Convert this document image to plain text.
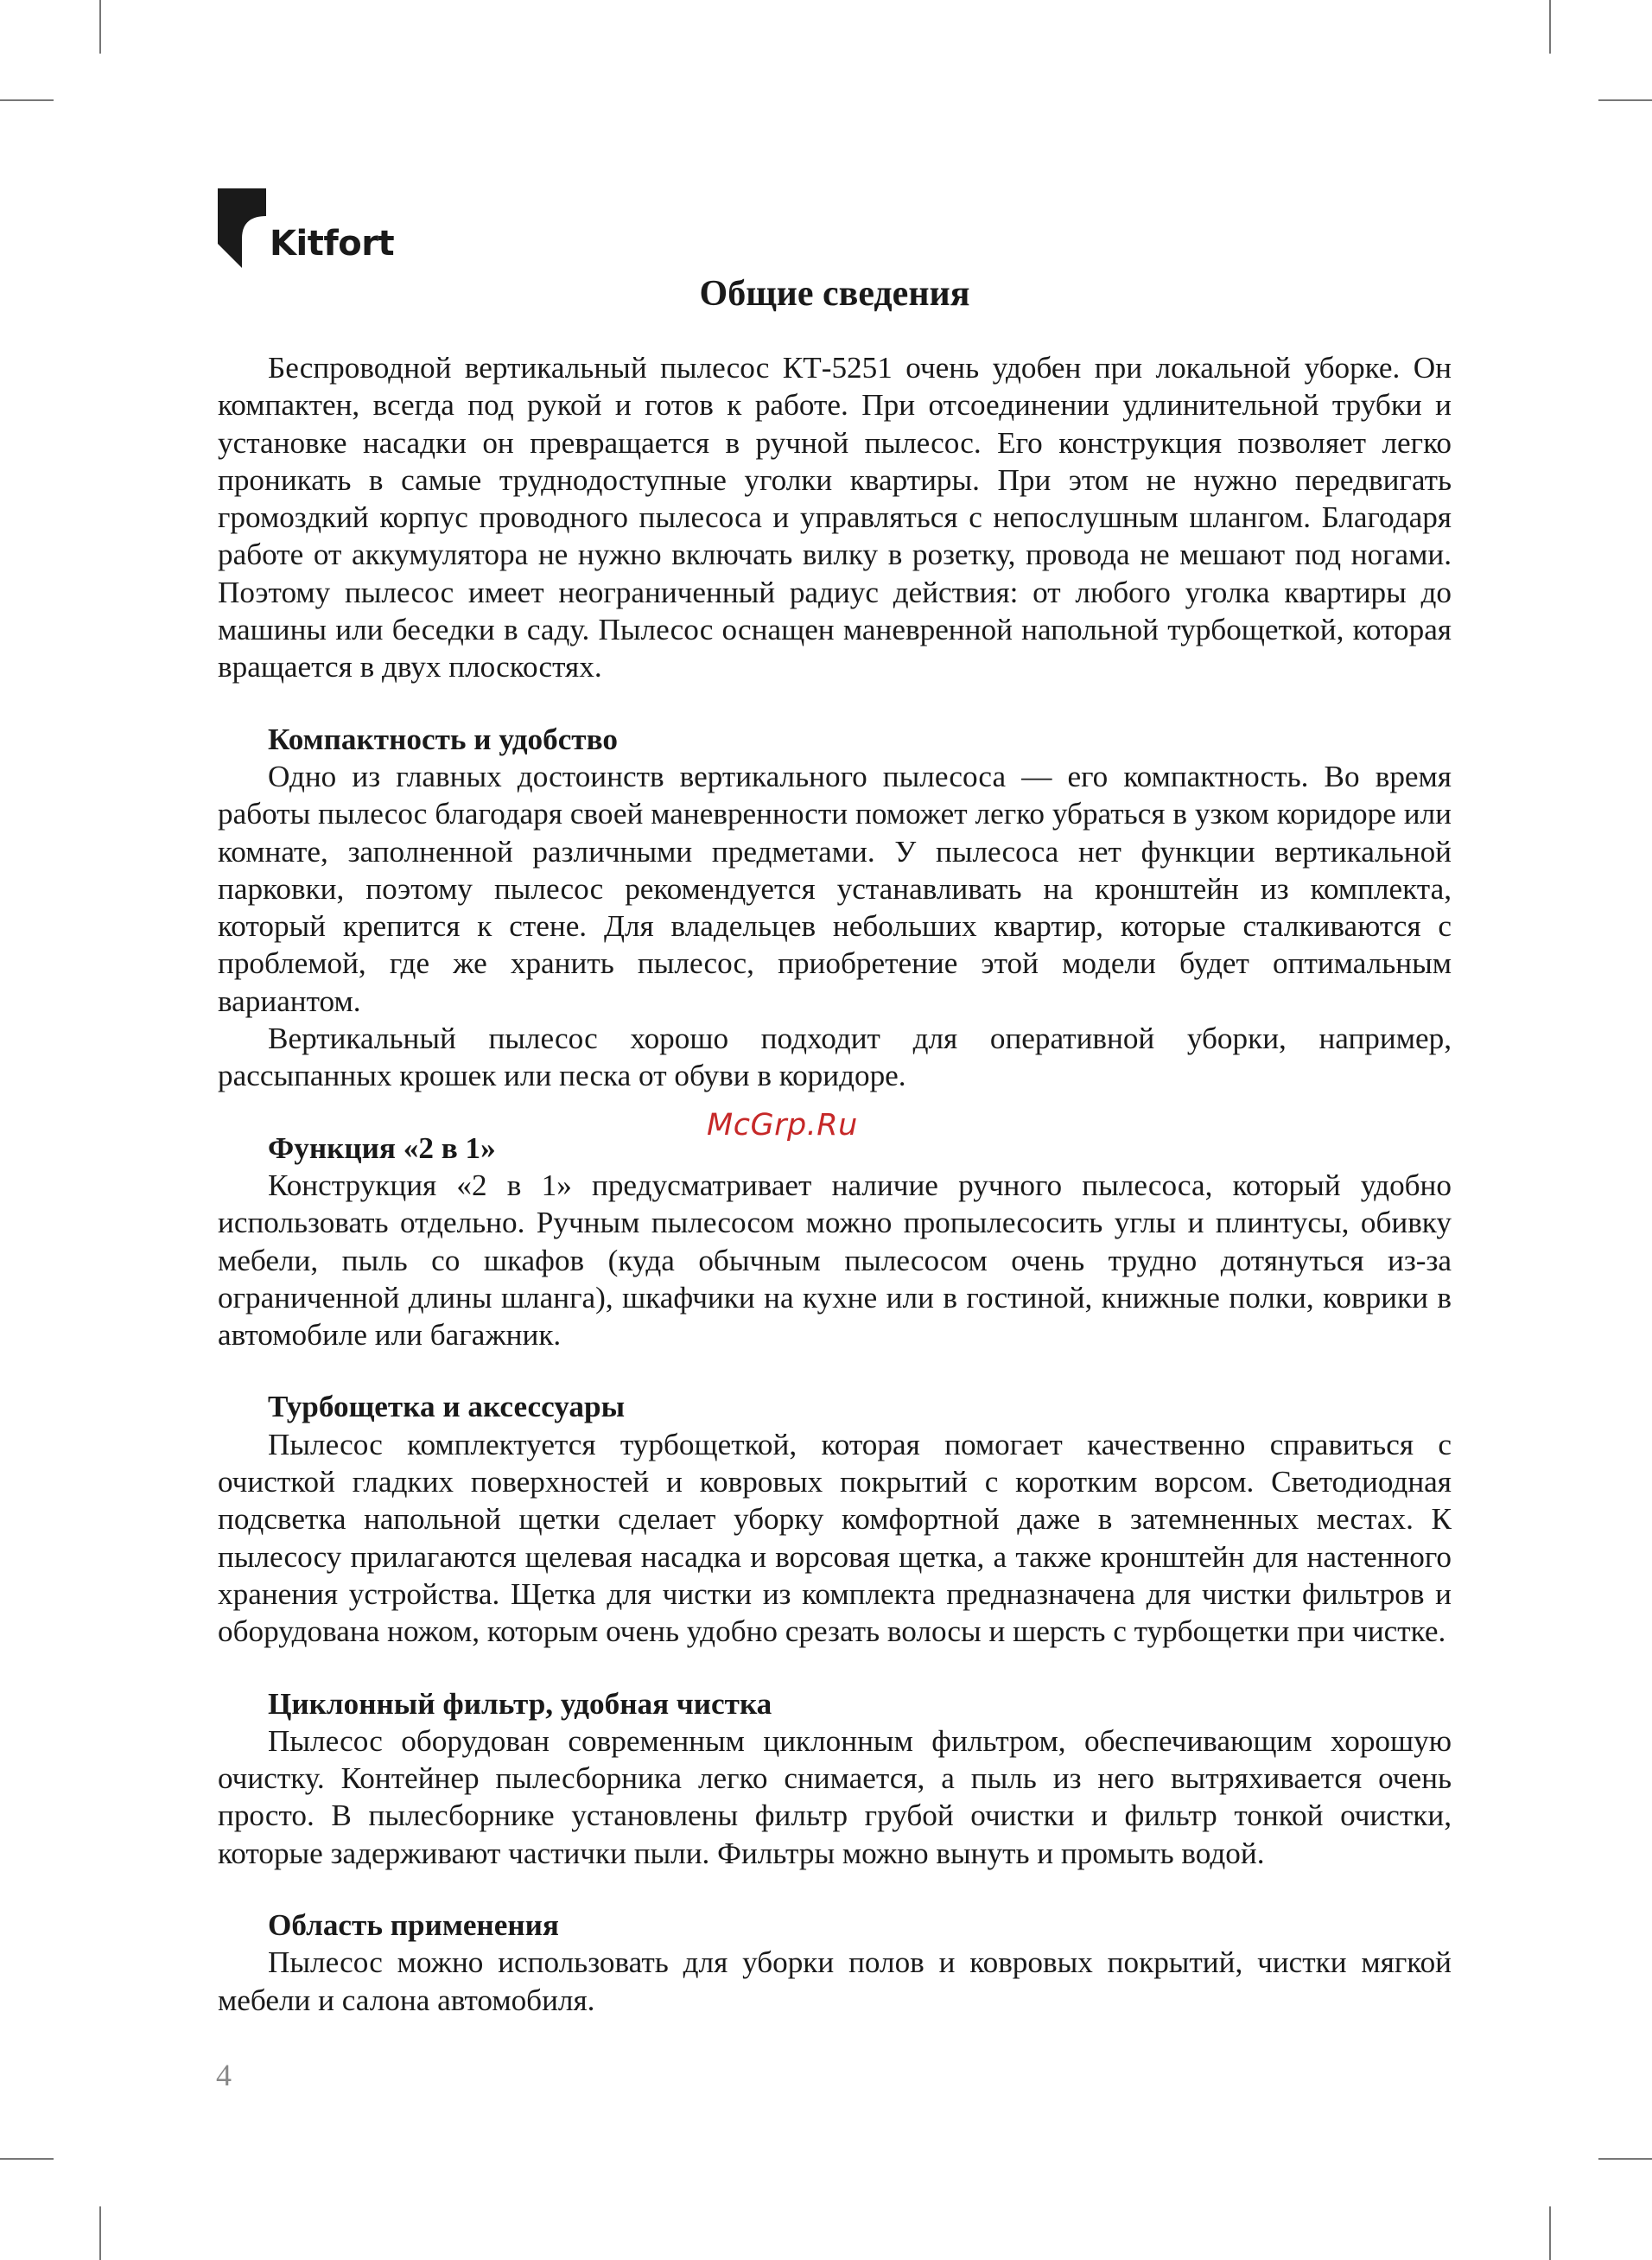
Kitfort
Общие сведения

Беспроводной вертикальный пылесос КТ-5251 очень удобен при локальной уборке. Он компактен, всегда под рукой и готов к работе. При отсоединении удлинительной трубки и установке насадки он превращается в ручной пылесос. Его конструкция позволяет легко проникать в самые труднодоступные уголки квартиры. При этом не нужно передвигать громоздкий корпус проводного пылесоса и управляться с непослушным шлангом. Благодаря работе от аккумулятора не нужно включать вилку в розетку, провода не мешают под ногами. Поэтому пылесос имеет неограниченный радиус действия: от любого уголка квартиры до машины или беседки в саду. Пылесос оснащен маневренной напольной турбощеткой, которая вращается в двух плоскостях.

Компактность и удобство

Одно из главных достоинств вертикального пылесоса — его компактность. Во время работы пылесос благодаря своей маневренности поможет легко убраться в узком коридоре или комнате, заполненной различными предметами. У пылесоса нет функции вертикальной парковки, поэтому пылесос рекомендуется устанавливать на кронштейн из комплекта, который крепится к стене. Для владельцев небольших квартир, которые сталкиваются с проблемой, где же хранить пылесос, приобретение этой модели будет оптимальным вариантом.

Вертикальный пылесос хорошо подходит для оперативной уборки, например, рассыпанных крошек или песка от обуви в коридоре.

Функция «2 в 1»

Конструкция «2 в 1» предусматривает наличие ручного пылесоса, который удобно использовать отдельно. Ручным пылесосом можно пропылесосить углы и плинтусы, обивку мебели, пыль со шкафов (куда обычным пылесосом очень трудно дотянуться из-за ограниченной длины шланга), шкафчики на кухне или в гостиной, книжные полки, коврики в автомобиле или багажник.

Турбощетка и аксессуары

Пылесос комплектуется турбощеткой, которая помогает качественно справиться с очисткой гладких поверхностей и ковровых покрытий с коротким ворсом. Светодиодная подсветка напольной щетки сделает уборку комфортной даже в затемненных местах. К пылесосу прилагаются щелевая насадка и ворсовая щетка, а также кронштейн для настенного хранения устройства. Щетка для чистки из комплекта предназначена для чистки фильтров и оборудована ножом, которым очень удобно срезать волосы и шерсть с турбощетки при чистке.

Циклонный фильтр, удобная чистка

Пылесос оборудован современным циклонным фильтром, обеспечивающим хорошую очистку. Контейнер пылесборника легко снимается, а пыль из него вытряхивается очень просто. В пылесборнике установлены фильтр грубой очистки и фильтр тонкой очистки, которые задерживают частички пыли. Фильтры можно вынуть и промыть водой.

Область применения

Пылесос можно использовать для уборки полов и ковровых покрытий, чистки мягкой мебели и салона автомобиля.

McGrp.Ru
4
